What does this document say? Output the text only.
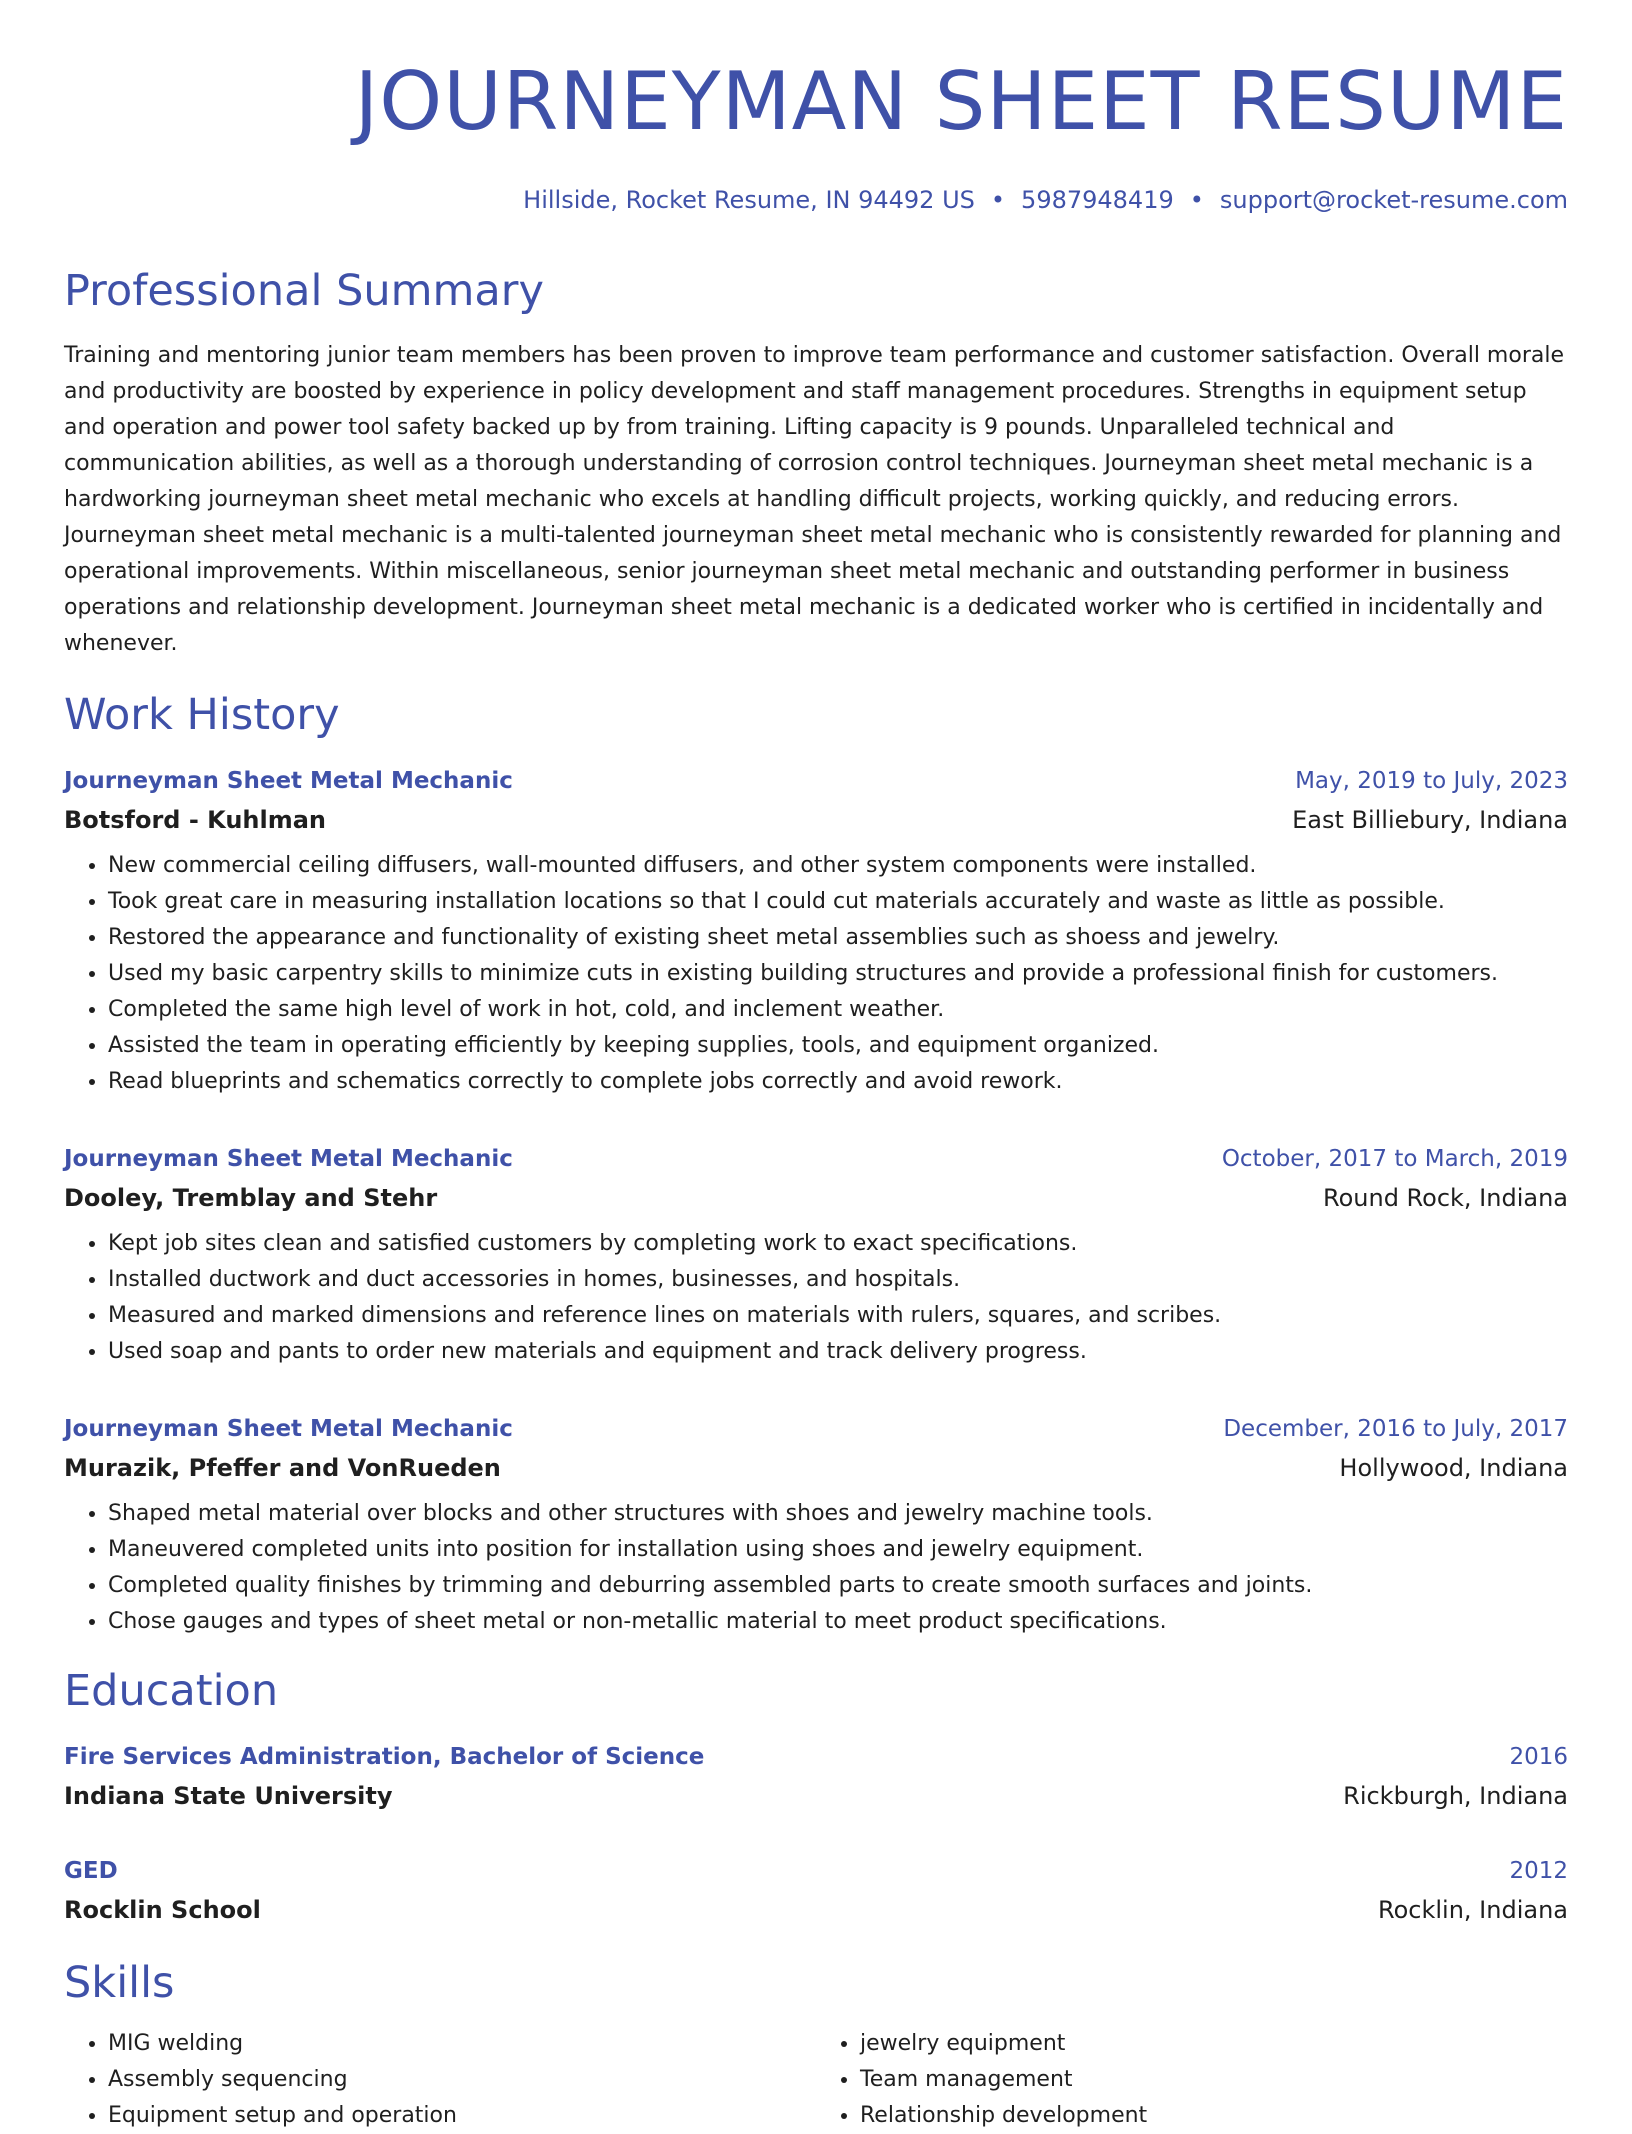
JOURNEYMAN SHEET RESUME
Hillside, Rocket Resume, IN 94492 US • 5987948419 • support@rocket-resume.com
Professional Summary
Training and mentoring junior team members has been proven to improve team performance and customer satisfaction. Overall morale and productivity are boosted by experience in policy development and staff management procedures. Strengths in equipment setup and operation and power tool safety backed up by from training. Lifting capacity is 9 pounds. Unparalleled technical and communication abilities, as well as a thorough understanding of corrosion control techniques. Journeyman sheet metal mechanic is a hardworking journeyman sheet metal mechanic who excels at handling difficult projects, working quickly, and reducing errors. Journeyman sheet metal mechanic is a multi-talented journeyman sheet metal mechanic who is consistently rewarded for planning and operational improvements. Within miscellaneous, senior journeyman sheet metal mechanic and outstanding performer in business operations and relationship development. Journeyman sheet metal mechanic is a dedicated worker who is certified in incidentally and whenever.
Work History
Journeyman Sheet Metal Mechanic	May, 2019 to July, 2023
Botsford - Kuhlman	East Billiebury, Indiana
• New commercial ceiling diffusers, wall-mounted diffusers, and other system components were installed.
• Took great care in measuring installation locations so that I could cut materials accurately and waste as little as possible.
• Restored the appearance and functionality of existing sheet metal assemblies such as shoess and jewelry.
• Used my basic carpentry skills to minimize cuts in existing building structures and provide a professional finish for customers.
• Completed the same high level of work in hot, cold, and inclement weather.
• Assisted the team in operating efficiently by keeping supplies, tools, and equipment organized.
• Read blueprints and schematics correctly to complete jobs correctly and avoid rework.
Journeyman Sheet Metal Mechanic	October, 2017 to March, 2019
Dooley, Tremblay and Stehr	Round Rock, Indiana
• Kept job sites clean and satisfied customers by completing work to exact specifications.
• Installed ductwork and duct accessories in homes, businesses, and hospitals.
• Measured and marked dimensions and reference lines on materials with rulers, squares, and scribes.
• Used soap and pants to order new materials and equipment and track delivery progress.
Journeyman Sheet Metal Mechanic	December, 2016 to July, 2017
Murazik, Pfeffer and VonRueden	Hollywood, Indiana
• Shaped metal material over blocks and other structures with shoes and jewelry machine tools.
• Maneuvered completed units into position for installation using shoes and jewelry equipment.
• Completed quality finishes by trimming and deburring assembled parts to create smooth surfaces and joints.
• Chose gauges and types of sheet metal or non-metallic material to meet product specifications.
Education
Fire Services Administration, Bachelor of Science	2016
Indiana State University	Rickburgh, Indiana
GED	2012
Rocklin School	Rocklin, Indiana
Skills
• MIG welding
• Assembly sequencing
• Equipment setup and operation
• jewelry equipment
• Team management
• Relationship development
